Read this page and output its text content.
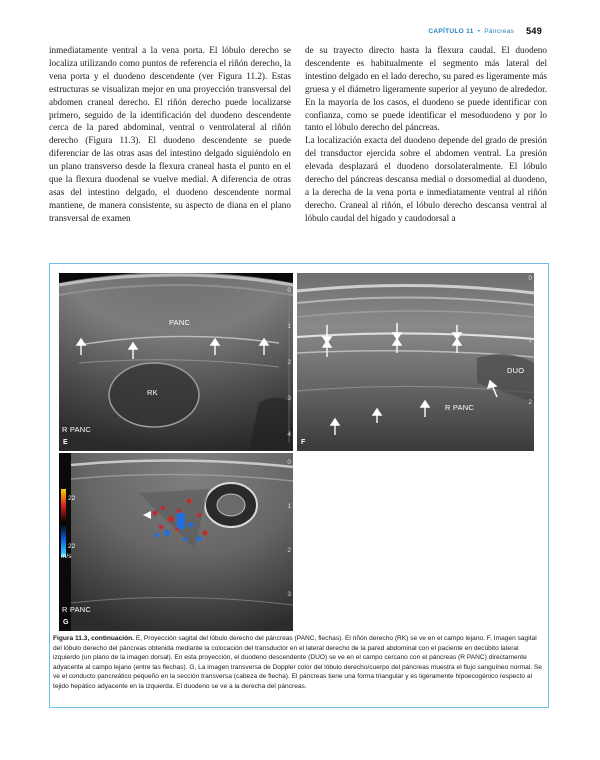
CAPÍTULO 11 • Páncreas 549

inmediatamente ventral a la vena porta. El lóbulo derecho se localiza utilizando como puntos de referencia el riñón derecho, la vena porta y el duodeno descendente (ver Figura 11.2). Estas estructuras se visualizan mejor en una proyección transversal del abdomen craneal derecho. El riñón derecho puede localizarse primero, seguido de la identificación del duodeno descendente cerca de la pared abdominal, ventral o ventrolateral al riñón derecho (Figura 11.3). El duodeno descendente se puede diferenciar de las otras asas del intestino delgado siguiéndolo en un plano transverso desde la flexura craneal hasta el punto en el que la flexura duodenal se vuelve medial. A diferencia de otras asas del intestino delgado, el duodeno descendente normal mantiene, de manera consistente, su aspecto de diana en el plano transversal de examen

de su trayecto directo hasta la flexura caudal. El duodeno descendente es habitualmente el segmento más lateral del intestino delgado en el lado derecho, su pared es ligeramente más gruesa y el diámetro ligeramente superior al yeyuno de alrededor. En la mayoría de los casos, el duodeno se puede identificar con confianza, como se puede identificar el mesoduodeno y por lo tanto el lóbulo derecho del páncreas.

La localización exacta del duodeno depende del grado de presión del transductor ejercida sobre el abdomen ventral. La presión elevada desplazará el duodeno dorsolateralmente. El lóbulo derecho del páncreas descansa medial o dorsomedial al duodeno, a la derecha de la vena porta e inmediatamente ventral al riñón derecho. Craneal al riñón, el lóbulo derecho descansa ventral al lóbulo caudal del hígado y caudodorsal a

PANC
RK
R PANC
E
0
1
2
3
4
DUO
R PANC
F
0
1
2
22
22
m/s
R PANC
G
0
1
2
3
Figura 11.3, continuación. E, Proyección sagital del lóbulo derecho del páncreas (PANC, flechas). El riñón derecho (RK) se ve en el campo lejano. F, Imagen sagital del lóbulo derecho del páncreas obtenida mediante la colocación del transductor en el lateral derecho de la pared abdominal con el paciente en decúbito lateral izquierdo (un plano de la imagen dorsal). En esta proyección, el duodeno descendente (DUO) se ve en el campo cercano con el páncreas (R PANC) directamente adyacente al campo lejano (entre las flechas). G, La imagen transversa de Doppler color del lóbulo derecho/cuerpo del páncreas muestra el flujo sanguíneo normal. Se ve el conducto pancreático pequeño en la sección transversa (cabeza de flecha). El páncreas tiene una forma triangular y es ligeramente hipoecogénico respecto al tejido hepático adyacente en la izquierda. El duodeno se ve a la derecha del páncreas.
